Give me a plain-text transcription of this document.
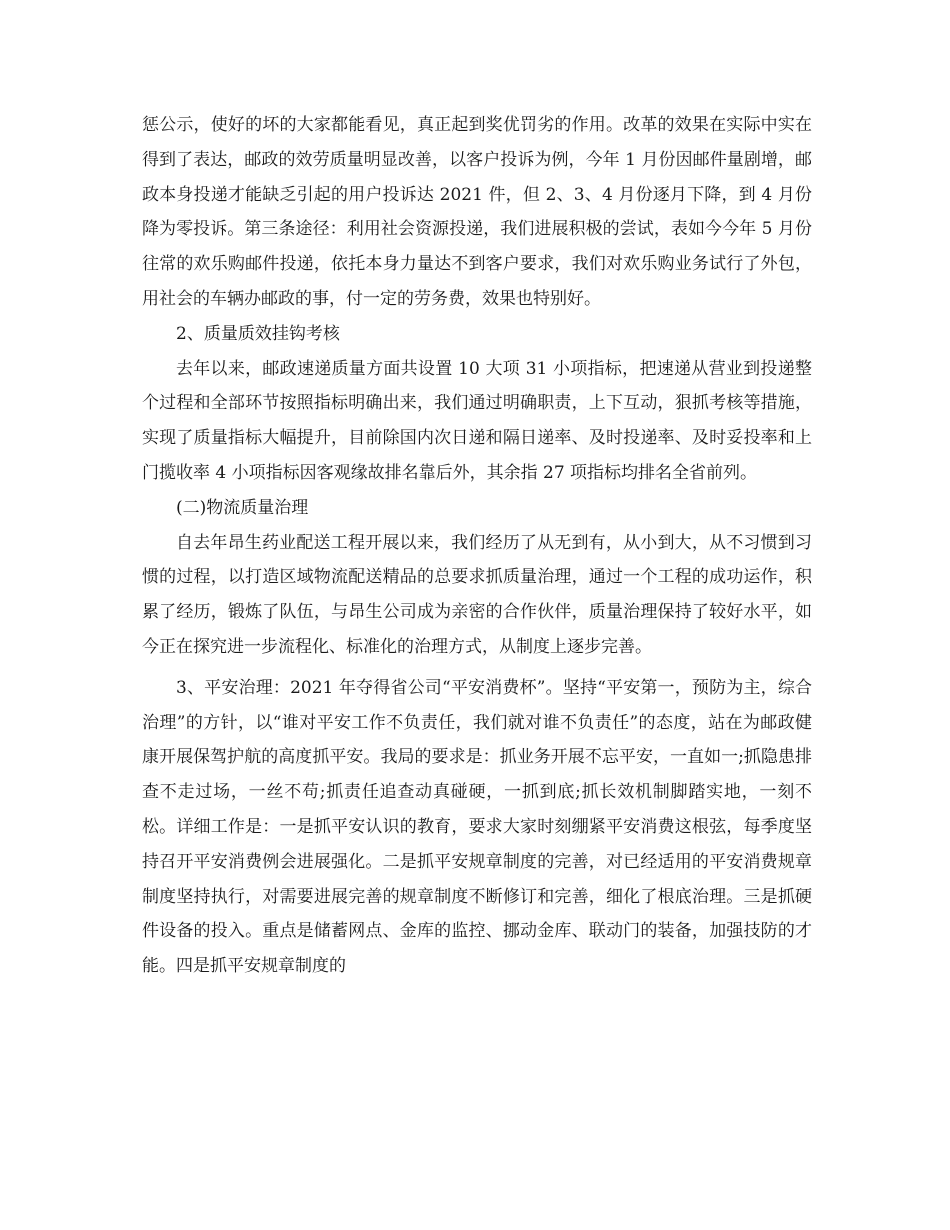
惩公示，使好的坏的大家都能看见，真正起到奖优罚劣的作用。改革的效果在实际中实在得到了表达，邮政的效劳质量明显改善，以客户投诉为例，今年 1 月份因邮件量剧增，邮政本身投递才能缺乏引起的用户投诉达 2021 件，但 2、3、4 月份逐月下降，到 4 月份降为零投诉。第三条途径：利用社会资源投递，我们进展积极的尝试，表如今今年 5 月份往常的欢乐购邮件投递，依托本身力量达不到客户要求，我们对欢乐购业务试行了外包，用社会的车辆办邮政的事，付一定的劳务费，效果也特别好。

2、质量质效挂钩考核

去年以来，邮政速递质量方面共设置 10 大项 31 小项指标，把速递从营业到投递整个过程和全部环节按照指标明确出来，我们通过明确职责，上下互动，狠抓考核等措施，实现了质量指标大幅提升，目前除国内次日递和隔日递率、及时投递率、及时妥投率和上门揽收率 4 小项指标因客观缘故排名靠后外，其余指 27 项指标均排名全省前列。

(二)物流质量治理

自去年昂生药业配送工程开展以来，我们经历了从无到有，从小到大，从不习惯到习惯的过程，以打造区域物流配送精品的总要求抓质量治理，通过一个工程的成功运作，积累了经历，锻炼了队伍，与昂生公司成为亲密的合作伙伴，质量治理保持了较好水平，如今正在探究进一步流程化、标准化的治理方式，从制度上逐步完善。

3、平安治理：2021 年夺得省公司“平安消费杯”。坚持“平安第一，预防为主，综合治理”的方针，以“谁对平安工作不负责任，我们就对谁不负责任”的态度，站在为邮政健康开展保驾护航的高度抓平安。我局的要求是：抓业务开展不忘平安，一直如一;抓隐患排查不走过场，一丝不苟;抓责任追查动真碰硬，一抓到底;抓长效机制脚踏实地，一刻不松。详细工作是：一是抓平安认识的教育，要求大家时刻绷紧平安消费这根弦，每季度坚持召开平安消费例会进展强化。二是抓平安规章制度的完善，对已经适用的平安消费规章制度坚持执行，对需要进展完善的规章制度不断修订和完善，细化了根底治理。三是抓硬件设备的投入。重点是储蓄网点、金库的监控、挪动金库、联动门的装备，加强技防的才能。四是抓平安规章制度的
